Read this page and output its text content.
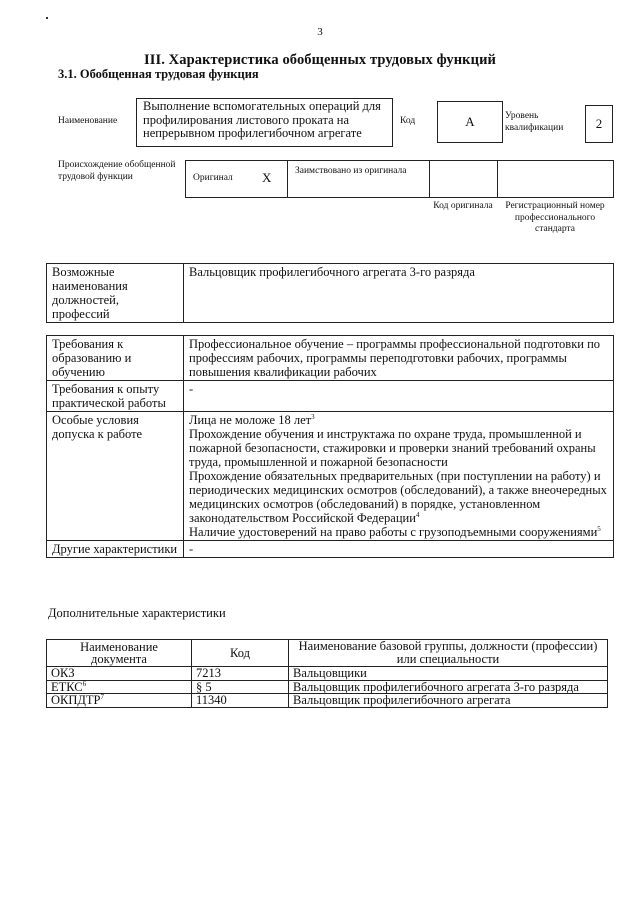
3
III. Характеристика обобщенных трудовых функций
3.1. Обобщенная трудовая функция
Наименование
Выполнение вспомогательных операций для профилирования листового проката на непрерывном профилегибочном агрегате
Код	A	Уровень квалификации	2
Происхождение обобщенной трудовой функции	Оригинал X Заимствовано из оригинала
Код оригинала	Регистрационный номер профессионального стандарта
Возможные наименования должностей, профессий	Вальцовщик профилегибочного агрегата 3-го разряда
Требования к образованию и обучению	Профессиональное обучение – программы профессиональной подготовки по профессиям рабочих, программы переподготовки рабочих, программы повышения квалификации рабочих
Требования к опыту практической работы	-
Особые условия допуска к работе	Лица не моложе 18 лет$^3$
Прохождение обучения и инструктажа по охране труда, промышленной и пожарной безопасности, стажировки и проверки знаний требований охраны труда, промышленной и пожарной безопасности
Прохождение обязательных предварительных (при поступлении на работу) и периодических медицинских осмотров (обследований), а также внеочередных медицинских осмотров (обследований) в порядке, установленном законодательством Российской Федерации$^4$
Наличие удостоверений на право работы с грузоподъемными сооружениями$^5$

Другие характеристики	-
Дополнительные характеристики
Наименование документа	Код	Наименование базовой группы, должности (профессии) или специальности
ОКЗ	7213	Вальцовщики
ЕТКС$^6$	§ 5	Вальцовщик профилегибочного агрегата 3-го разряда
ОКПДТР$^7$	11340	Вальцовщик профилегибочного агрегата
